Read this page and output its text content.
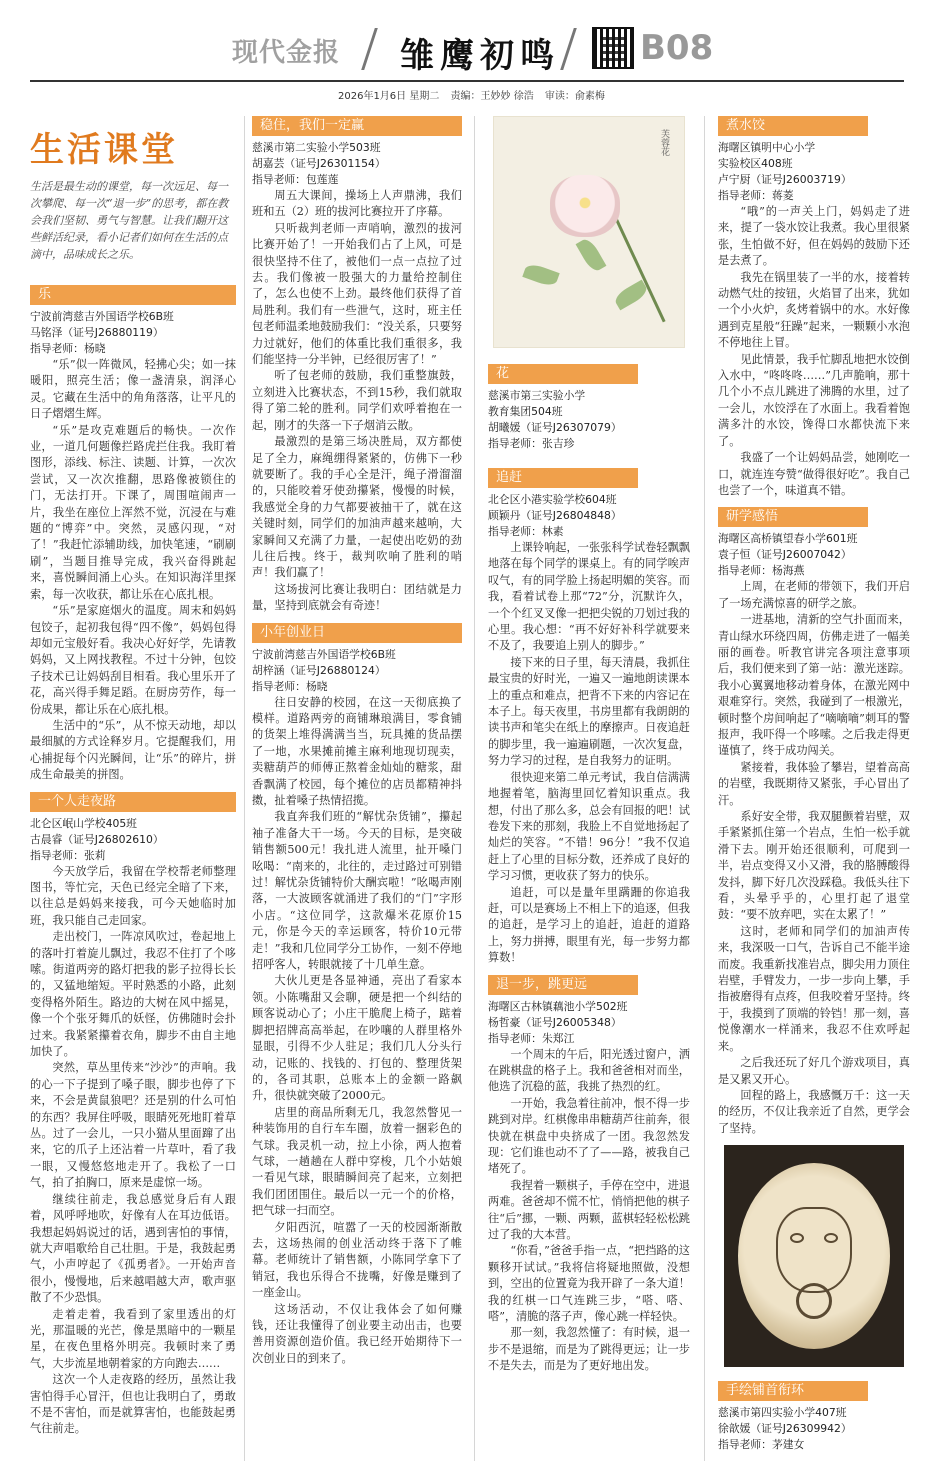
现代金报 雏鹰初鸣 B08
2026年1月6日 星期二 责编：王妙妙 徐浩 审读：俞素梅
生活课堂
生活是最生动的课堂，每一次远足、每一次攀爬、每一次“退一步”的思考，都在教会我们坚韧、勇气与智慧。让我们翻开这些鲜活纪录，看小记者们如何在生活的点滴中，品味成长之乐。
乐
宁波前湾慈吉外国语学校6B班
马铭泽（证号J26880119）
指导老师：杨晓

“乐”似一阵微风，轻拂心尖；如一抹暖阳，照亮生活；像一盏清泉，润泽心灵。它藏在生活中的角角落落，让平凡的日子熠熠生辉。

“乐”是攻克难题后的畅快。一次作业，一道几何题像拦路虎拦住我。我盯着图形，添线、标注、读题、计算，一次次尝试，又一次次推翻，思路像被锁住的门，无法打开。下课了，周围喧闹声一片，我坐在座位上浑然不觉，沉浸在与难题的“博弈”中。突然，灵感闪现，“对了！”我赶忙添辅助线，加快笔速，“刷刷刷”，当题目推导完成，我兴奋得跳起来，喜悦瞬间涌上心头。在知识海洋里探索，每一次收获，都让乐在心底扎根。

“乐”是家庭烟火的温度。周末和妈妈包饺子，起初我包得“四不像”，妈妈包得却如元宝般好看。我决心好好学，先请教妈妈，又上网找教程。不过十分钟，包饺子技术已让妈妈刮目相看。我心里乐开了花，高兴得手舞足蹈。在厨房劳作，每一份成果，都让乐在心底扎根。

生活中的“乐”，从不惊天动地，却以最细腻的方式诠释岁月。它提醒我们，用心捕捉每个闪光瞬间，让“乐”的碎片，拼成生命最美的拼图。

一个人走夜路
北仑区岷山学校405班
古晨睿（证号J26802610）
指导老师：张莉

今天放学后，我留在学校帮老师整理图书，等忙完，天色已经完全暗了下来，以往总是妈妈来接我，可今天她临时加班，我只能自己走回家。

走出校门，一阵凉风吹过，卷起地上的落叶打着旋儿飘过，我忍不住打了个哆嗦。街道两旁的路灯把我的影子拉得长长的，又猛地缩短。平时熟悉的小路，此刻变得格外陌生。路边的大树在风中摇晃，像一个个张牙舞爪的妖怪，仿佛随时会扑过来。我紧紧攥着衣角，脚步不由自主地加快了。

突然，草丛里传来“沙沙”的声响。我的心一下子提到了嗓子眼，脚步也停了下来，不会是黄鼠狼吧？还是别的什么可怕的东西？我屏住呼吸，眼睛死死地盯着草丛。过了一会儿，一只小猫从里面蹿了出来，它的爪子上还沾着一片草叶，看了我一眼，又慢悠悠地走开了。我松了一口气，拍了拍胸口，原来是虚惊一场。

继续往前走，我总感觉身后有人跟着，风呼呼地吹，好像有人在耳边低语。我想起妈妈说过的话，遇到害怕的事情，就大声唱歌给自己壮胆。于是，我鼓起勇气，小声哼起了《孤勇者》。一开始声音很小，慢慢地，后来越唱越大声，歌声驱散了不少恐惧。

走着走着，我看到了家里透出的灯光，那温暖的光芒，像是黑暗中的一颗星星，在夜色里格外明亮。我顿时来了勇气，大步流星地朝着家的方向跑去……

这次一个人走夜路的经历，虽然让我害怕得手心冒汗，但也让我明白了，勇敢不是不害怕，而是就算害怕，也能鼓起勇气往前走。

稳住，我们一定赢
慈溪市第二实验小学503班
胡嘉芸（证号J26301154）
指导老师：包莲莲

周五大课间，操场上人声鼎沸，我们班和五（2）班的拔河比赛拉开了序幕。

只听裁判老师一声哨响，激烈的拔河比赛开始了！一开始我们占了上风，可是很快坚持不住了，被他们一点一点拉了过去。我们像被一股强大的力量给控制住了，怎么也使不上劲。最终他们获得了首局胜利。我们有一些泄气，这时，班主任包老师温柔地鼓励我们：“没关系，只要努力过就好，他们的体重比我们重很多，我们能坚持一分半钟，已经很厉害了！”

听了包老师的鼓励，我们重整旗鼓，立刻进入比赛状态，不到15秒，我们就取得了第二轮的胜利。同学们欢呼着抱在一起，刚才的失落一下子烟消云散。

最激烈的是第三场决胜局，双方都使足了全力，麻绳绷得紧紧的，仿佛下一秒就要断了。我的手心全是汗，绳子滑溜溜的，只能咬着牙使劲攥紧，慢慢的时候，我感觉全身的力气都要被抽干了，就在这关键时刻，同学们的加油声越来越响，大家瞬间又充满了力量，一起使出吃奶的劲儿往后拽。终于，裁判吹响了胜利的哨声！我们赢了！

这场拔河比赛让我明白：团结就是力量，坚持到底就会有奇迹！

小年创业日
宁波前湾慈吉外国语学校6B班
胡梓涵（证号J26880124）
指导老师：杨晓

往日安静的校园，在这一天彻底换了模样。道路两旁的商铺琳琅满目，零食铺的货架上堆得满满当当，玩具摊的货品摆了一地，水果摊前摊主麻利地现切现卖，卖糖葫芦的师傅正熬着金灿灿的糖浆，甜香飘满了校园，每个摊位的店员都精神抖擞，扯着嗓子热情招揽。

我直奔我们班的“解忧杂货铺”，攥起袖子准备大干一场。今天的目标，是突破销售额500元！我扎进人流里，扯开嗓门吆喝：“南来的，北往的，走过路过可别错过！解忧杂货铺特价大酬宾啦！”吆喝声刚落，一大波顾客就涌进了我们的“门”字形小店。“这位同学，这款爆米花原价15元，你是今天的幸运顾客，特价10元带走！”我和几位同学分工协作，一刻不停地招呼客人，转眼就接了十几单生意。

大伙儿更是各显神通，亮出了看家本领。小陈嘴甜又会聊，硬是把一个纠结的顾客说动心了；小庄干脆爬上椅子，踮着脚把招牌高高举起，在吵嚷的人群里格外显眼，引得不少人驻足；我们几人分头行动，记账的、找钱的、打包的、整理货架的，各司其职，总账本上的金额一路飙升，很快就突破了2000元。

店里的商品所剩无几，我忽然瞥见一种装饰用的自行车车圈，放着一捆彩色的气球。我灵机一动，拉上小徐，两人抱着气球，一趟趟在人群中穿梭，几个小姑娘一看见气球，眼睛瞬间亮了起来，立刻把我们团团围住。最后以一元一个的价格，把气球一扫而空。

夕阳西沉，喧嚣了一天的校园渐渐散去，这场热闹的创业活动终于落下了帷幕。老师统计了销售额，小陈同学拿下了销冠，我也乐得合不拢嘴，好像是赚到了一座金山。

这场活动，不仅让我体会了如何赚钱，还让我懂得了创业要主动出击，也要善用资源创造价值。我已经开始期待下一次创业日的到来了。

芙蓉花
花
慈溪市第三实验小学
教育集团504班
胡曦媛（证号J26307079）
指导老师：张吉珍
追赶
北仑区小港实验学校604班
顾颖丹（证号J26804848）
指导老师：林素

上课铃响起，一张张科学试卷轻飘飘地落在每个同学的课桌上。有的同学唉声叹气，有的同学脸上扬起明媚的笑容。而我，看着试卷上那“72”分，沉默许久，一个个红叉叉像一把把尖锐的刀划过我的心里。我心想：“再不好好补科学就要来不及了，我要追上别人的脚步。”

接下来的日子里，每天清晨，我抓住最宝贵的好时光，一遍又一遍地朗读课本上的重点和难点，把背不下来的内容记在本子上。每天夜里，书房里都有我朗朗的读书声和笔尖在纸上的摩擦声。日夜追赶的脚步里，我一遍遍刷题，一次次复盘，努力学习的过程，是自我努力的证明。

很快迎来第二单元考试，我自信满满地握着笔，脑海里回忆着知识重点。我想，付出了那么多，总会有回报的吧！试卷发下来的那刻，我脸上不自觉地扬起了灿烂的笑容。“不错！96分！”我不仅追赶上了心里的目标分数，还养成了良好的学习习惯，更收获了努力的快乐。

追赶，可以是量年里蹒跚的你追我赶，可以是赛场上不相上下的追逐，但我的追赶，是学习上的追赶，追赶的道路上，努力拼搏，眼里有光，每一步努力都算数！

退一步，跳更远
海曙区古林镇藕池小学502班
杨哲豪（证号J26005348）
指导老师：朱郑江

一个周末的午后，阳光透过窗户，洒在跳棋盘的格子上。我和爸爸相对而坐，他选了沉稳的蓝，我挑了热烈的红。

一开始，我急着往前冲，恨不得一步跳到对岸。红棋像串串糖葫芦往前奔，很快就在棋盘中央挤成了一团。我忽然发现：它们谁也动不了了——路，被我自己堵死了。

我捏着一颗棋子，手停在空中，进退两难。爸爸却不慌不忙，悄悄把他的棋子往“后”挪，一颗、两颗，蓝棋轻轻松松跳过了我的大本营。

“你看，”爸爸手指一点，“把挡路的这颗移开试试。”我将信将疑地照做，没想到，空出的位置竟为我开辟了一条大道！我的红棋一口气连跳三步，“嗒、嗒、嗒”，清脆的落子声，像心跳一样轻快。

那一刻，我忽然懂了：有时候，退一步不是退缩，而是为了跳得更远；让一步不是失去，而是为了更好地出发。

煮水饺
海曙区镇明中心小学
实验校区408班
卢宁厨（证号J26003719）
指导老师：蒋菱

“哦”的一声关上门，妈妈走了进来，提了一袋水饺让我煮。我心里很紧张，生怕做不好，但在妈妈的鼓励下还是去煮了。

我先在锅里装了一半的水，接着转动燃气灶的按钮，火焰冒了出来，犹如一个小火炉，炙烤着锅中的水。水好像遇到克星般“狂躁”起来，一颗颗小水泡不停地往上冒。

见此情景，我手忙脚乱地把水饺倒入水中，“咚咚咚……”几声脆响，那十几个小不点儿跳进了沸腾的水里，过了一会儿，水饺浮在了水面上。我看着饱满多汁的水饺，馋得口水都快流下来了。

我盛了一个让妈妈品尝，她刚吃一口，就连连夸赞“做得很好吃”。我自己也尝了一个，味道真不错。

研学感悟
海曙区高桥镇望春小学601班
袁子恒（证号J26007042）
指导老师：杨海燕

上周，在老师的带领下，我们开启了一场充满惊喜的研学之旅。

一进基地，清新的空气扑面而来，青山绿水环绕四周，仿佛走进了一幅美丽的画卷。听教官讲完各项注意事项后，我们便来到了第一站：激光迷踪。我小心翼翼地移动着身体，在激光网中艰难穿行。突然，我碰到了一根激光，顿时整个房间响起了“嘀嘀嘀”刺耳的警报声，我吓得一个哆嗦。之后我走得更谨慎了，终于成功闯关。

紧接着，我体验了攀岩，望着高高的岩壁，我既期待又紧张，手心冒出了汗。

系好安全带，我双腿颤着岩壁，双手紧紧抓住第一个岩点，生怕一松手就滑下去。刚开始还很顺利，可爬到一半，岩点变得又小又滑，我的胳膊酸得发抖，脚下好几次没踩稳。我低头往下看，头晕乎乎的，心里打起了退堂鼓：“要不放弃吧，实在太累了！”

这时，老师和同学们的加油声传来，我深吸一口气，告诉自己不能半途而废。我重新找准岩点，脚尖用力顶住岩壁，手臂发力，一步一步向上攀，手指被磨得有点疼，但我咬着牙坚持。终于，我摸到了顶端的铃铛！那一刻，喜悦像潮水一样涌来，我忍不住欢呼起来。

之后我还玩了好几个游戏项目，真是又累又开心。

回程的路上，我感慨万千：这一天的经历，不仅让我亲近了自然，更学会了坚持。

手绘铺首衔环
慈溪市第四实验小学407班
徐歆媛（证号J26309942）
指导老师：茅建女
